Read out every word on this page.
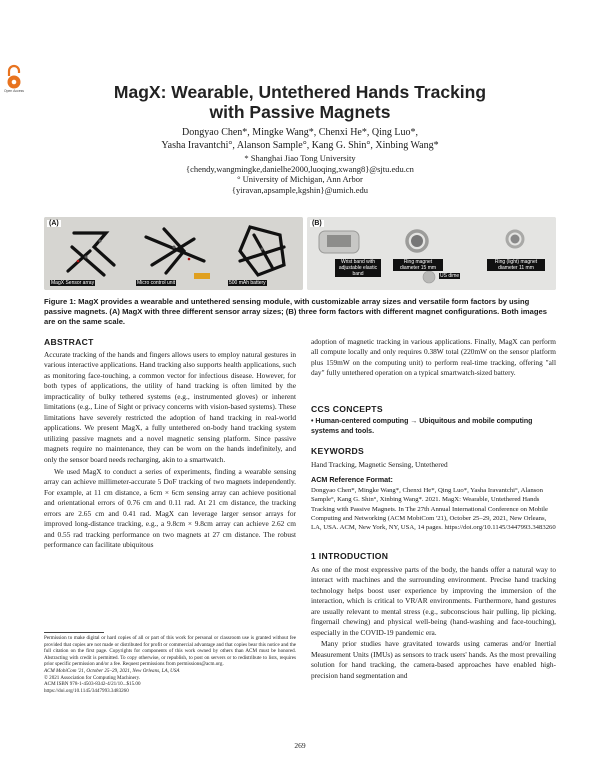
Open Access	MagX: Wearable, Untethered Hands Tracking
with Passive Magnets
Dongyao Chen*, Mingke Wang*, Chenxi He*, Qing Luo*,
Yasha Iravantchi°, Alanson Sample°, Kang G. Shin°, Xinbing Wang*
* Shanghai Jiao Tong University
{chendy,wangmingke,danielhe2000,luoqing,xwang8}@sjtu.edu.cn
° University of Michigan, Ann Arbor
{yiravan,apsample,kgshin}@umich.edu
(A)
MagX Sensor array	Micro control unit	500 mAh battery
(B)
Wrist band with adjustable elastic band
Ring magnet diameter 15 mm
Ring (light) magnet diameter 11 mm
US dime
Figure 1: MagX provides a wearable and untethered sensing module, with customizable array sizes and versatile form factors by using passive magnets. (A) MagX with three different sensor array sizes; (B) three form factors with different magnet configurations. Both images are on the same scale.
ABSTRACT

Accurate tracking of the hands and fingers allows users to employ natural gestures in various interactive applications. Hand tracking also supports health applications, such as monitoring face-touching, a common vector for infectious disease. However, for both types of applications, the utility of hand tracking is often limited by the impracticality of bulky tethered systems (e.g., instrumented gloves) or inherent limitations (e.g., Line of Sight or privacy concerns with vision-based systems). These limitations have severely restricted the adoption of hand tracking in real-world applications. We present MagX, a fully untethered on-body hand tracking system utilizing passive magnets and a novel magnetic sensing platform. Since passive magnets require no maintenance, they can be worn on the hands indefinitely, and only the sensor board needs recharging, akin to a smartwatch.

We used MagX to conduct a series of experiments, finding a wearable sensing array can achieve millimeter-accurate 5 DoF tracking of two magnets independently. For example, at 11 cm distance, a 6cm × 6cm sensing array can achieve positional and orientational errors of 0.76 cm and 0.11 rad. At 21 cm distance, the tracking errors are 2.65 cm and 0.41 rad. MagX can leverage larger sensor arrays for improved long-distance tracking, e.g., a 9.8cm × 9.8cm array can achieve 2.62 cm and 0.55 rad tracking performance on two magnets at 27 cm distance. The robust performance can facilitate ubiquitous

Permission to make digital or hard copies of all or part of this work for personal or classroom use is granted without fee provided that copies are not made or distributed for profit or commercial advantage and that copies bear this notice and the full citation on the first page. Copyrights for components of this work owned by others than ACM must be honored. Abstracting with credit is permitted. To copy otherwise, or republish, to post on servers or to redistribute to lists, requires prior specific permission and/or a fee. Request permissions from permissions@acm.org.
ACM MobiCom '21, October 25–29, 2021, New Orleans, LA, USA
© 2021 Association for Computing Machinery.
ACM ISBN 978-1-4503-8342-4/21/10...$15.00
https://doi.org/10.1145/3447993.3483260
adoption of magnetic tracking in various applications. Finally, MagX can perform all compute locally and only requires 0.38W total (220mW on the sensor platform plus 159mW on the computing unit) to perform real-time tracking, offering "all day" fully untethered operation on a typical smartwatch-sized battery.
CCS CONCEPTS
• Human-centered computing → Ubiquitous and mobile computing systems and tools.
KEYWORDS
Hand Tracking, Magnetic Sensing, Untethered
ACM Reference Format:
Dongyao Chen*, Mingke Wang*, Chenxi He*, Qing Luo*, Yasha Iravantchi°, Alanson Sample°, Kang G. Shin°, Xinbing Wang*. 2021. MagX: Wearable, Untethered Hands Tracking with Passive Magnets. In The 27th Annual International Conference on Mobile Computing and Networking (ACM MobiCom '21), October 25–29, 2021, New Orleans, LA, USA. ACM, New York, NY, USA, 14 pages. https://doi.org/10.1145/3447993.3483260
1 INTRODUCTION

As one of the most expressive parts of the body, the hands offer a natural way to interact with machines and the surrounding environment. Precise hand tracking technology helps boost user experience by improving the immersion of the interaction, which is critical to VR/AR environments. Furthermore, hand gestures are usually relevant to mental stress (e.g., subconscious hair pulling, lip picking, fingernail chewing) and physical well-being (hand-washing and face-touching), especially in the COVID-19 pandemic era.

Many prior studies have gravitated towards using cameras and/or Inertial Measurement Units (IMUs) as sensors to track users' hands. As the most prevailing solution for hand tracking, the camera-based approaches have enabled high-precision hand segmentation and

269
